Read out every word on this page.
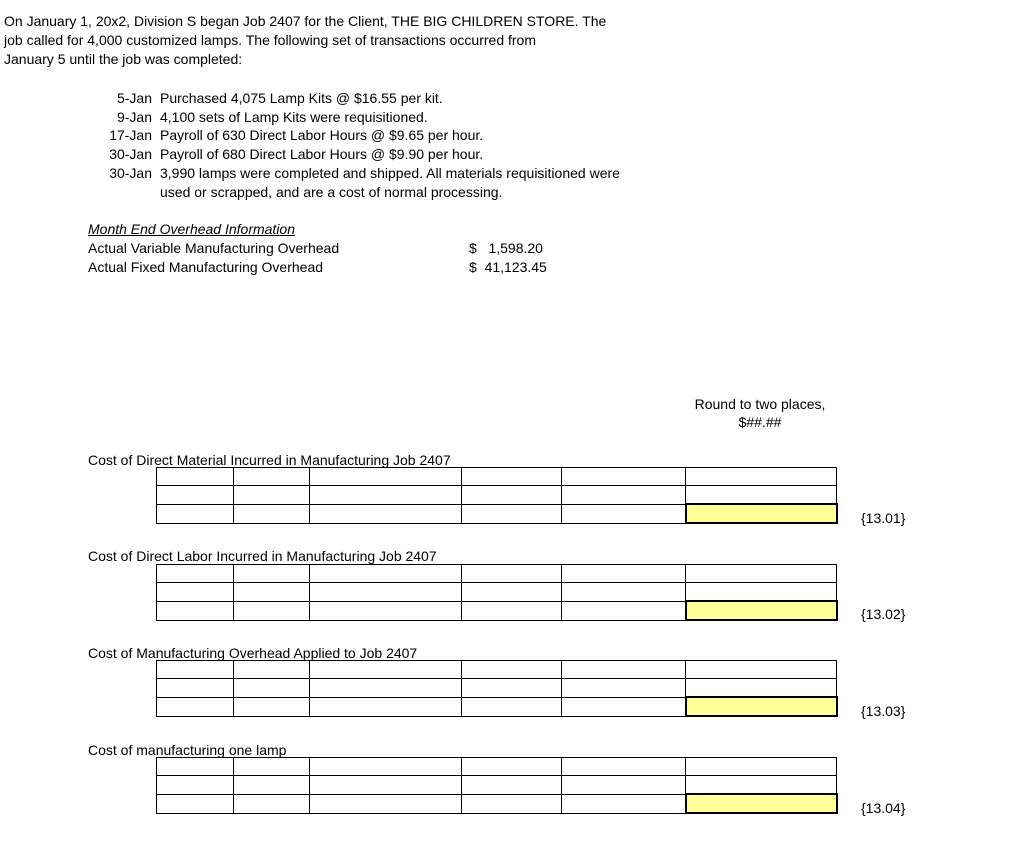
On January 1, 20x2, Division S began Job 2407 for the Client, THE BIG CHILDREN STORE. The
job called for 4,000 customized lamps. The following set of transactions occurred from
January 5 until the job was completed:
5-Jan Purchased 4,075 Lamp Kits @ $16.55 per kit.
9-Jan 4,100 sets of Lamp Kits were requisitioned.
17-Jan Payroll of 630 Direct Labor Hours @ $9.65 per hour.
30-Jan Payroll of 680 Direct Labor Hours @ $9.90 per hour.
30-Jan 3,990 lamps were completed and shipped. All materials requisitioned were
used or scrapped, and are a cost of normal processing.
Month End Overhead Information
Actual Variable Manufacturing Overhead	$   1,598.20
Actual Fixed Manufacturing Overhead	$  41,123.45
Round to two places,
$##.##
Cost of Direct Material Incurred in Manufacturing Job 2407

{13.01}
Cost of Direct Labor Incurred in Manufacturing Job 2407

{13.02}
Cost of Manufacturing Overhead Applied to Job 2407

{13.03}
Cost of manufacturing one lamp

{13.04}
